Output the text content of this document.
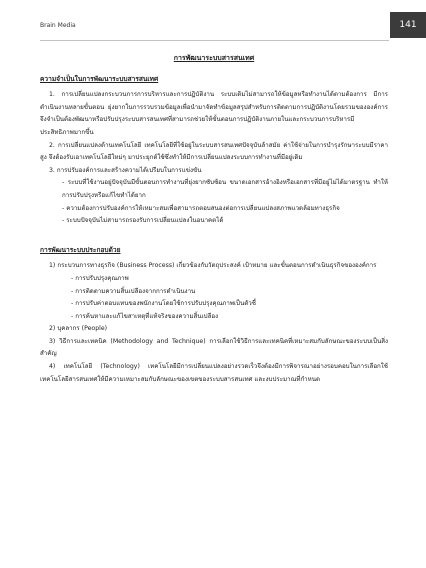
Brain Media	141
การพัฒนาระบบสารสนเทศ
ความจำเป็นในการพัฒนาระบบสารสนเทศ

1. การเปลี่ยนแปลงกระบวนการการบริหารและการปฏิบัติงาน ระบบเดิมไม่สามารถให้ข้อมูลหรือทำงานได้ตามต้องการ มีการดำเนินงานหลายขั้นตอน ยุ่งยากในการรวบรวมข้อมูลเพื่อนำมาจัดทำข้อมูลสรุปสำหรับการติดตามการปฏิบัติงานโดยรวมขององค์การ จึงจำเป็นต้องพัฒนาหรือปรับปรุงระบบสารสนเทศที่สามารถช่วยให้ขั้นตอนการปฏิบัติงานภายในและกระบวนการบริหารมีประสิทธิภาพมากขึ้น

2. การเปลี่ยนแปลงด้านเทคโนโลยี เทคโนโลยีที่ใช้อยู่ในระบบสารสนเทศปัจจุบันล้าสมัย ค่าใช้จ่ายในการบำรุงรักษาระบบมีราคาสูง จึงต้องรับเอาเทคโนโลยีใหม่ๆ มาประยุกต์ใช้ซึ่งทำให้มีการเปลี่ยนแปลงระบบการทำงานที่มีอยู่เดิม

3. การปรับองค์การและสร้างความได้เปรียบในการแข่งขัน

- ระบบที่ใช้งานอยู่ปัจจุบันมีขั้นตอนการทำงานที่ยุ่งยากซับซ้อน ขนาดเอกสารอ้างอิงหรือเอกสารที่มีอยู่ไม่ได้มาตรฐาน ทำให้การปรับปรุงหรือแก้ไขทำได้ยาก

- ความต้องการปรับองค์การให้เหมาะสมเพื่อสามารถตอบสนองต่อการเปลี่ยนแปลงสภาพแวดล้อมทางธุรกิจ

- ระบบปัจจุบันไม่สามารถรองรับการเปลี่ยนแปลงในอนาคตได้

การพัฒนาระบบประกอบด้วย

1) กระบวนการทางธุรกิจ (Business Process) เกี่ยวข้องกับวัตถุประสงค์ เป้าหมาย และขั้นตอนการดำเนินธุรกิจขององค์การ

- การปรับปรุงคุณภาพ

- การติดตามความสิ้นเปลืองจากการดำเนินงาน

- การปรับค่าตอบแทนของพนักงานโดยใช้การปรับปรุงคุณภาพเป็นตัวชี้

- การค้นหาและแก้ไขสาเหตุที่แท้จริงของความสิ้นเปลือง

2) บุคลากร (People)

3) วิธีการและเทคนิค (Methodology and Technique) การเลือกใช้วิธีการและเทคนิคที่เหมาะสมกับลักษณะของระบบเป็นสิ่งสำคัญ

4) เทคโนโลยี (Technology) เทคโนโลยีมีการเปลี่ยนแปลงอย่างรวดเร็วจึงต้องมีการพิจารณาอย่างรอบคอบในการเลือกใช้เทคโนโลยีสารสนเทศให้มีความเหมาะสมกับลักษณะของเขตของระบบสารสนเทศ และงบประมาณที่กำหนด
